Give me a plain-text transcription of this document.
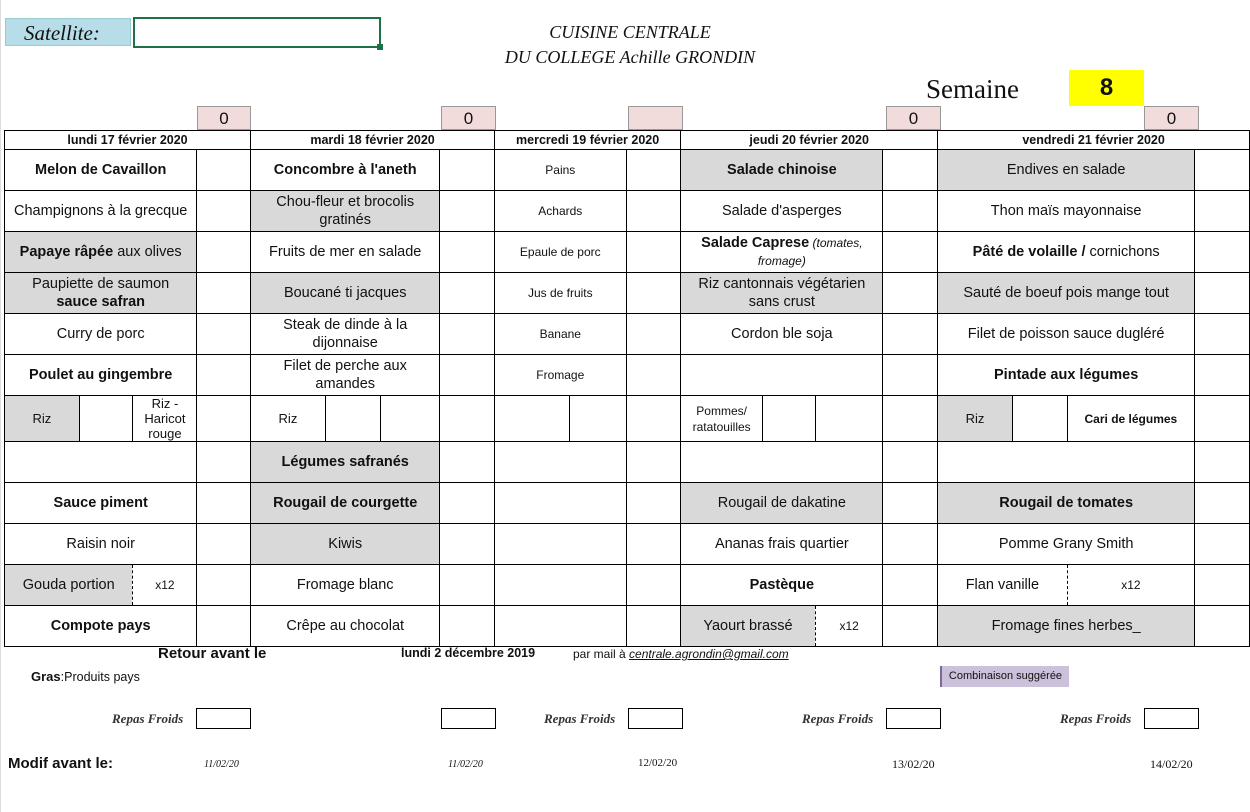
Satellite:	CUISINE CENTRALE
DU COLLEGE Achille GRONDIN
Semaine	8
0	0	0	0
lundi 17 février 2020				mardi 18 février 2020				mercredi 19 février 2020			jeudi 20 février 2020				vendredi 21 février 2020			
Melon de Cavaillon				Concombre à l'aneth				Pains			Salade chinoise				Endives en salade			
Champignons à la grecque				Chou-fleur et brocolis gratinés				Achards			Salade d'asperges				Thon maïs mayonnaise			
Papaye râpée aux olives				Fruits de mer en salade				Epaule de porc			Salade Caprese (tomates, fromage)				Pâté de volaille / cornichons			
Paupiette de saumon
sauce safran				Boucané ti jacques				Jus de fruits			Riz cantonnais végétarien sans crust				Sauté de boeuf pois mange tout			
Curry de porc				Steak de dinde à la dijonnaise				Banane			Cordon ble soja				Filet de poisson sauce dugléré			
Poulet au gingembre				Filet de perche aux amandes				Fromage							Pintade aux légumes			
Riz		Riz - Haricot rouge		Riz							Pommes/ ratatouilles				Riz		Cari de légumes	
				Légumes safranés														
Sauce piment				Rougail de courgette							Rougail de dakatine				Rougail de tomates			
Raisin noir				Kiwis							Ananas frais quartier				Pomme Grany Smith			
Gouda portion		x12		Fromage blanc							Pastèque				Flan vanille		x12	
Compote pays				Crêpe au chocolat							Yaourt brassé		x12		Fromage fines herbes_			
Retour avant le	lundi 2 décembre 2019	par mail à centrale.agrondin@gmail.com
Gras:Produits pays	Combinaison suggérée
Repas Froids	Repas Froids	Repas Froids	Repas Froids
Modif avant le:	11/02/20	11/02/20	12/02/20	13/02/20	14/02/20
